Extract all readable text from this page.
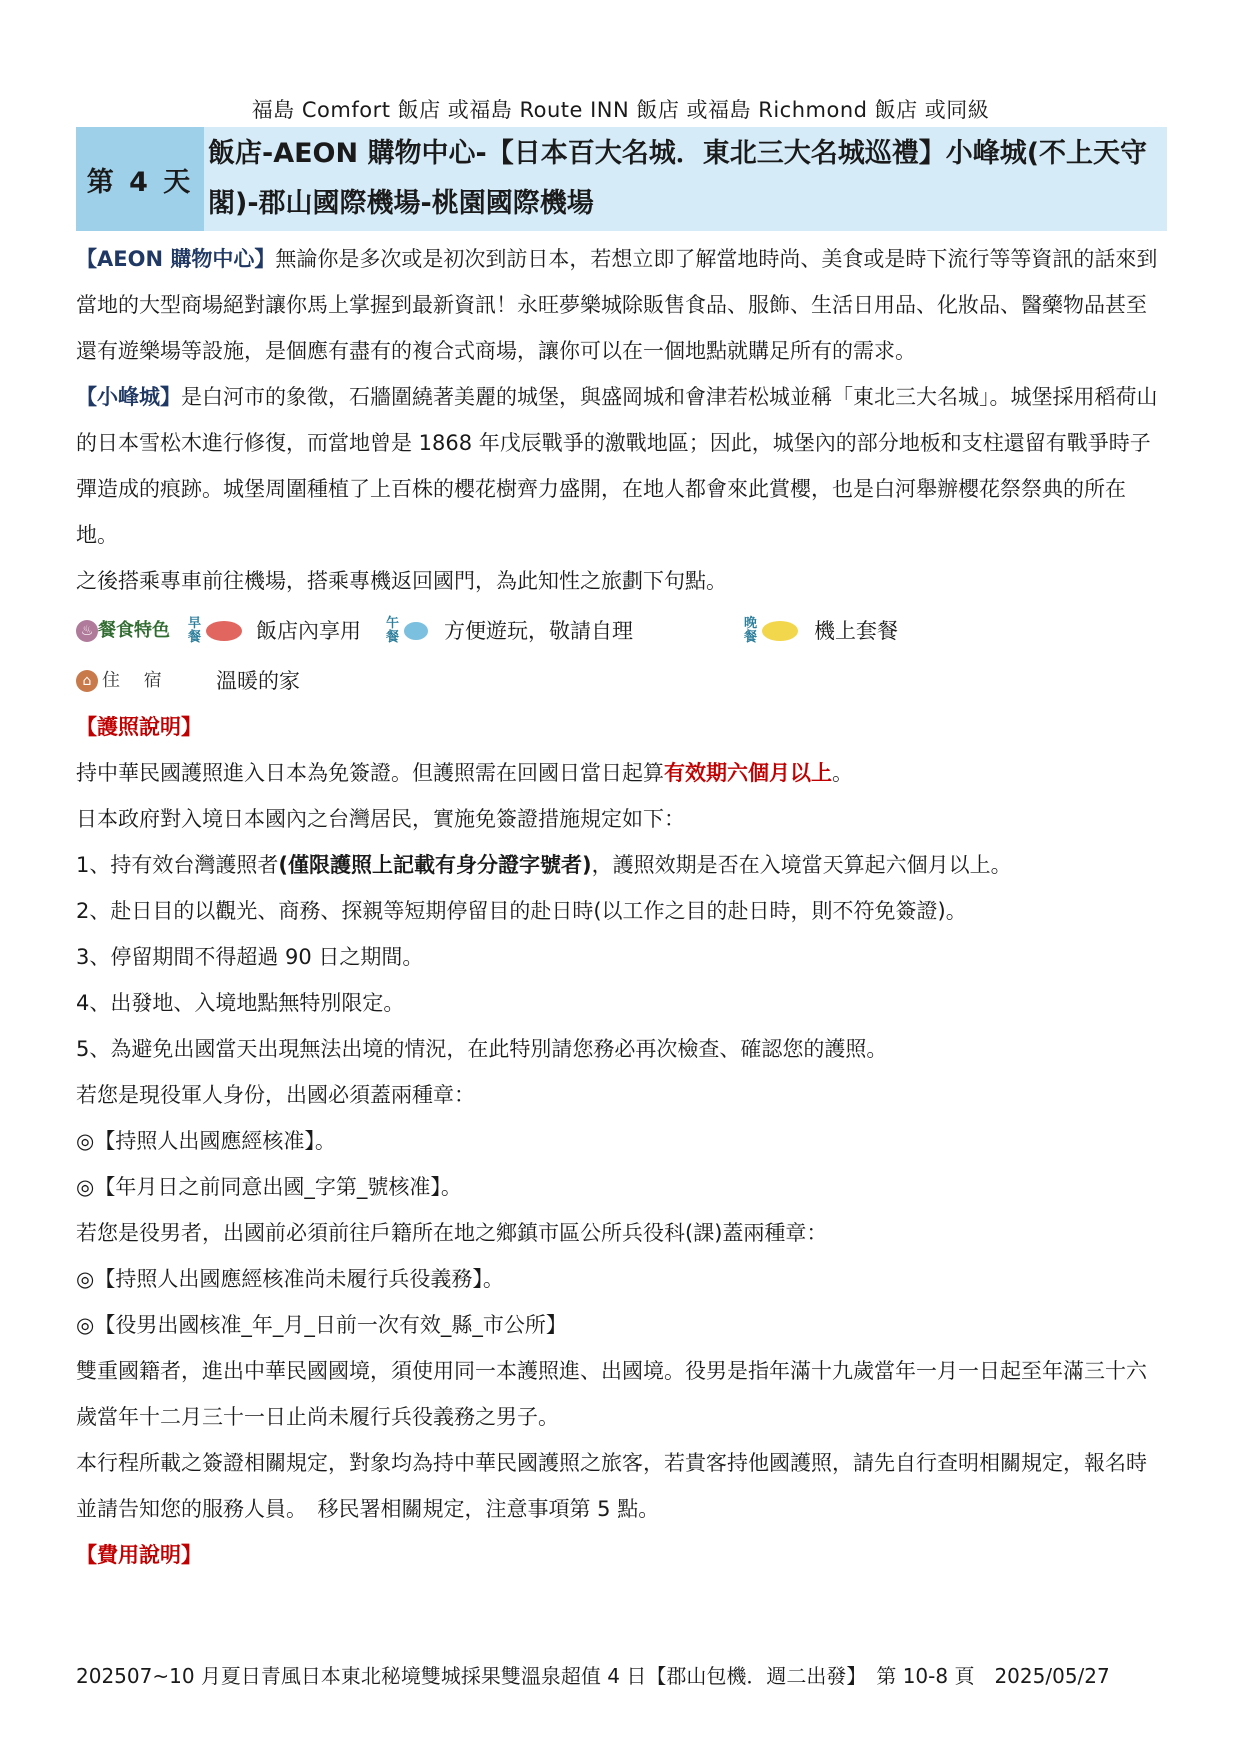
福島 Comfort 飯店 或福島 Route INN 飯店 或福島 Richmond 飯店 或同級
第 4 天
飯店-AEON 購物中心-【日本百大名城．東北三大名城巡禮】小峰城(不上天守閣)-郡山國際機場-桃園國際機場

【AEON 購物中心】無論你是多次或是初次到訪日本，若想立即了解當地時尚、美食或是時下流行等等資訊的話來到當地的大型商場絕對讓你馬上掌握到最新資訊！永旺夢樂城除販售食品、服飾、生活日用品、化妝品、醫藥物品甚至還有遊樂場等設施，是個應有盡有的複合式商場，讓你可以在一個地點就購足所有的需求。

【小峰城】是白河市的象徵，石牆圍繞著美麗的城堡，與盛岡城和會津若松城並稱「東北三大名城」。城堡採用稻荷山的日本雪松木進行修復，而當地曾是 1868 年戊辰戰爭的激戰地區；因此，城堡內的部分地板和支柱還留有戰爭時子彈造成的痕跡。城堡周圍種植了上百株的櫻花樹齊力盛開，在地人都會來此賞櫻，也是白河舉辦櫻花祭祭典的所在地。

之後搭乘專車前往機場，搭乘專機返回國門，為此知性之旅劃下句點。

♨ 餐食特色 早餐	飯店內享用 午餐 方便遊玩，敬請自理	晚餐	機上套餐
⌂ 住　 宿	溫暖的家

【護照說明】

持中華民國護照進入日本為免簽證。但護照需在回國日當日起算有效期六個月以上。

日本政府對入境日本國內之台灣居民，實施免簽證措施規定如下：

1、持有效台灣護照者(僅限護照上記載有身分證字號者)，護照效期是否在入境當天算起六個月以上。

2、赴日目的以觀光、商務、探親等短期停留目的赴日時(以工作之目的赴日時，則不符免簽證)。

3、停留期間不得超過 90 日之期間。

4、出發地、入境地點無特別限定。

5、為避免出國當天出現無法出境的情況，在此特別請您務必再次檢查、確認您的護照。

若您是現役軍人身份，出國必須蓋兩種章：

◎【持照人出國應經核准】。

◎【年月日之前同意出國_字第_號核准】。

若您是役男者，出國前必須前往戶籍所在地之鄉鎮市區公所兵役科(課)蓋兩種章：

◎【持照人出國應經核准尚未履行兵役義務】。

◎【役男出國核准_年_月_日前一次有效_縣_市公所】

雙重國籍者，進出中華民國國境，須使用同一本護照進、出國境。役男是指年滿十九歲當年一月一日起至年滿三十六歲當年十二月三十一日止尚未履行兵役義務之男子。

本行程所載之簽證相關規定，對象均為持中華民國護照之旅客，若貴客持他國護照，請先自行查明相關規定，報名時並請告知您的服務人員。　移民署相關規定，注意事項第 5 點。

【費用說明】

202507~10 月夏日青風日本東北秘境雙城採果雙溫泉超值 4 日【郡山包機．週二出發】　第 10-8 頁　2025/05/27
